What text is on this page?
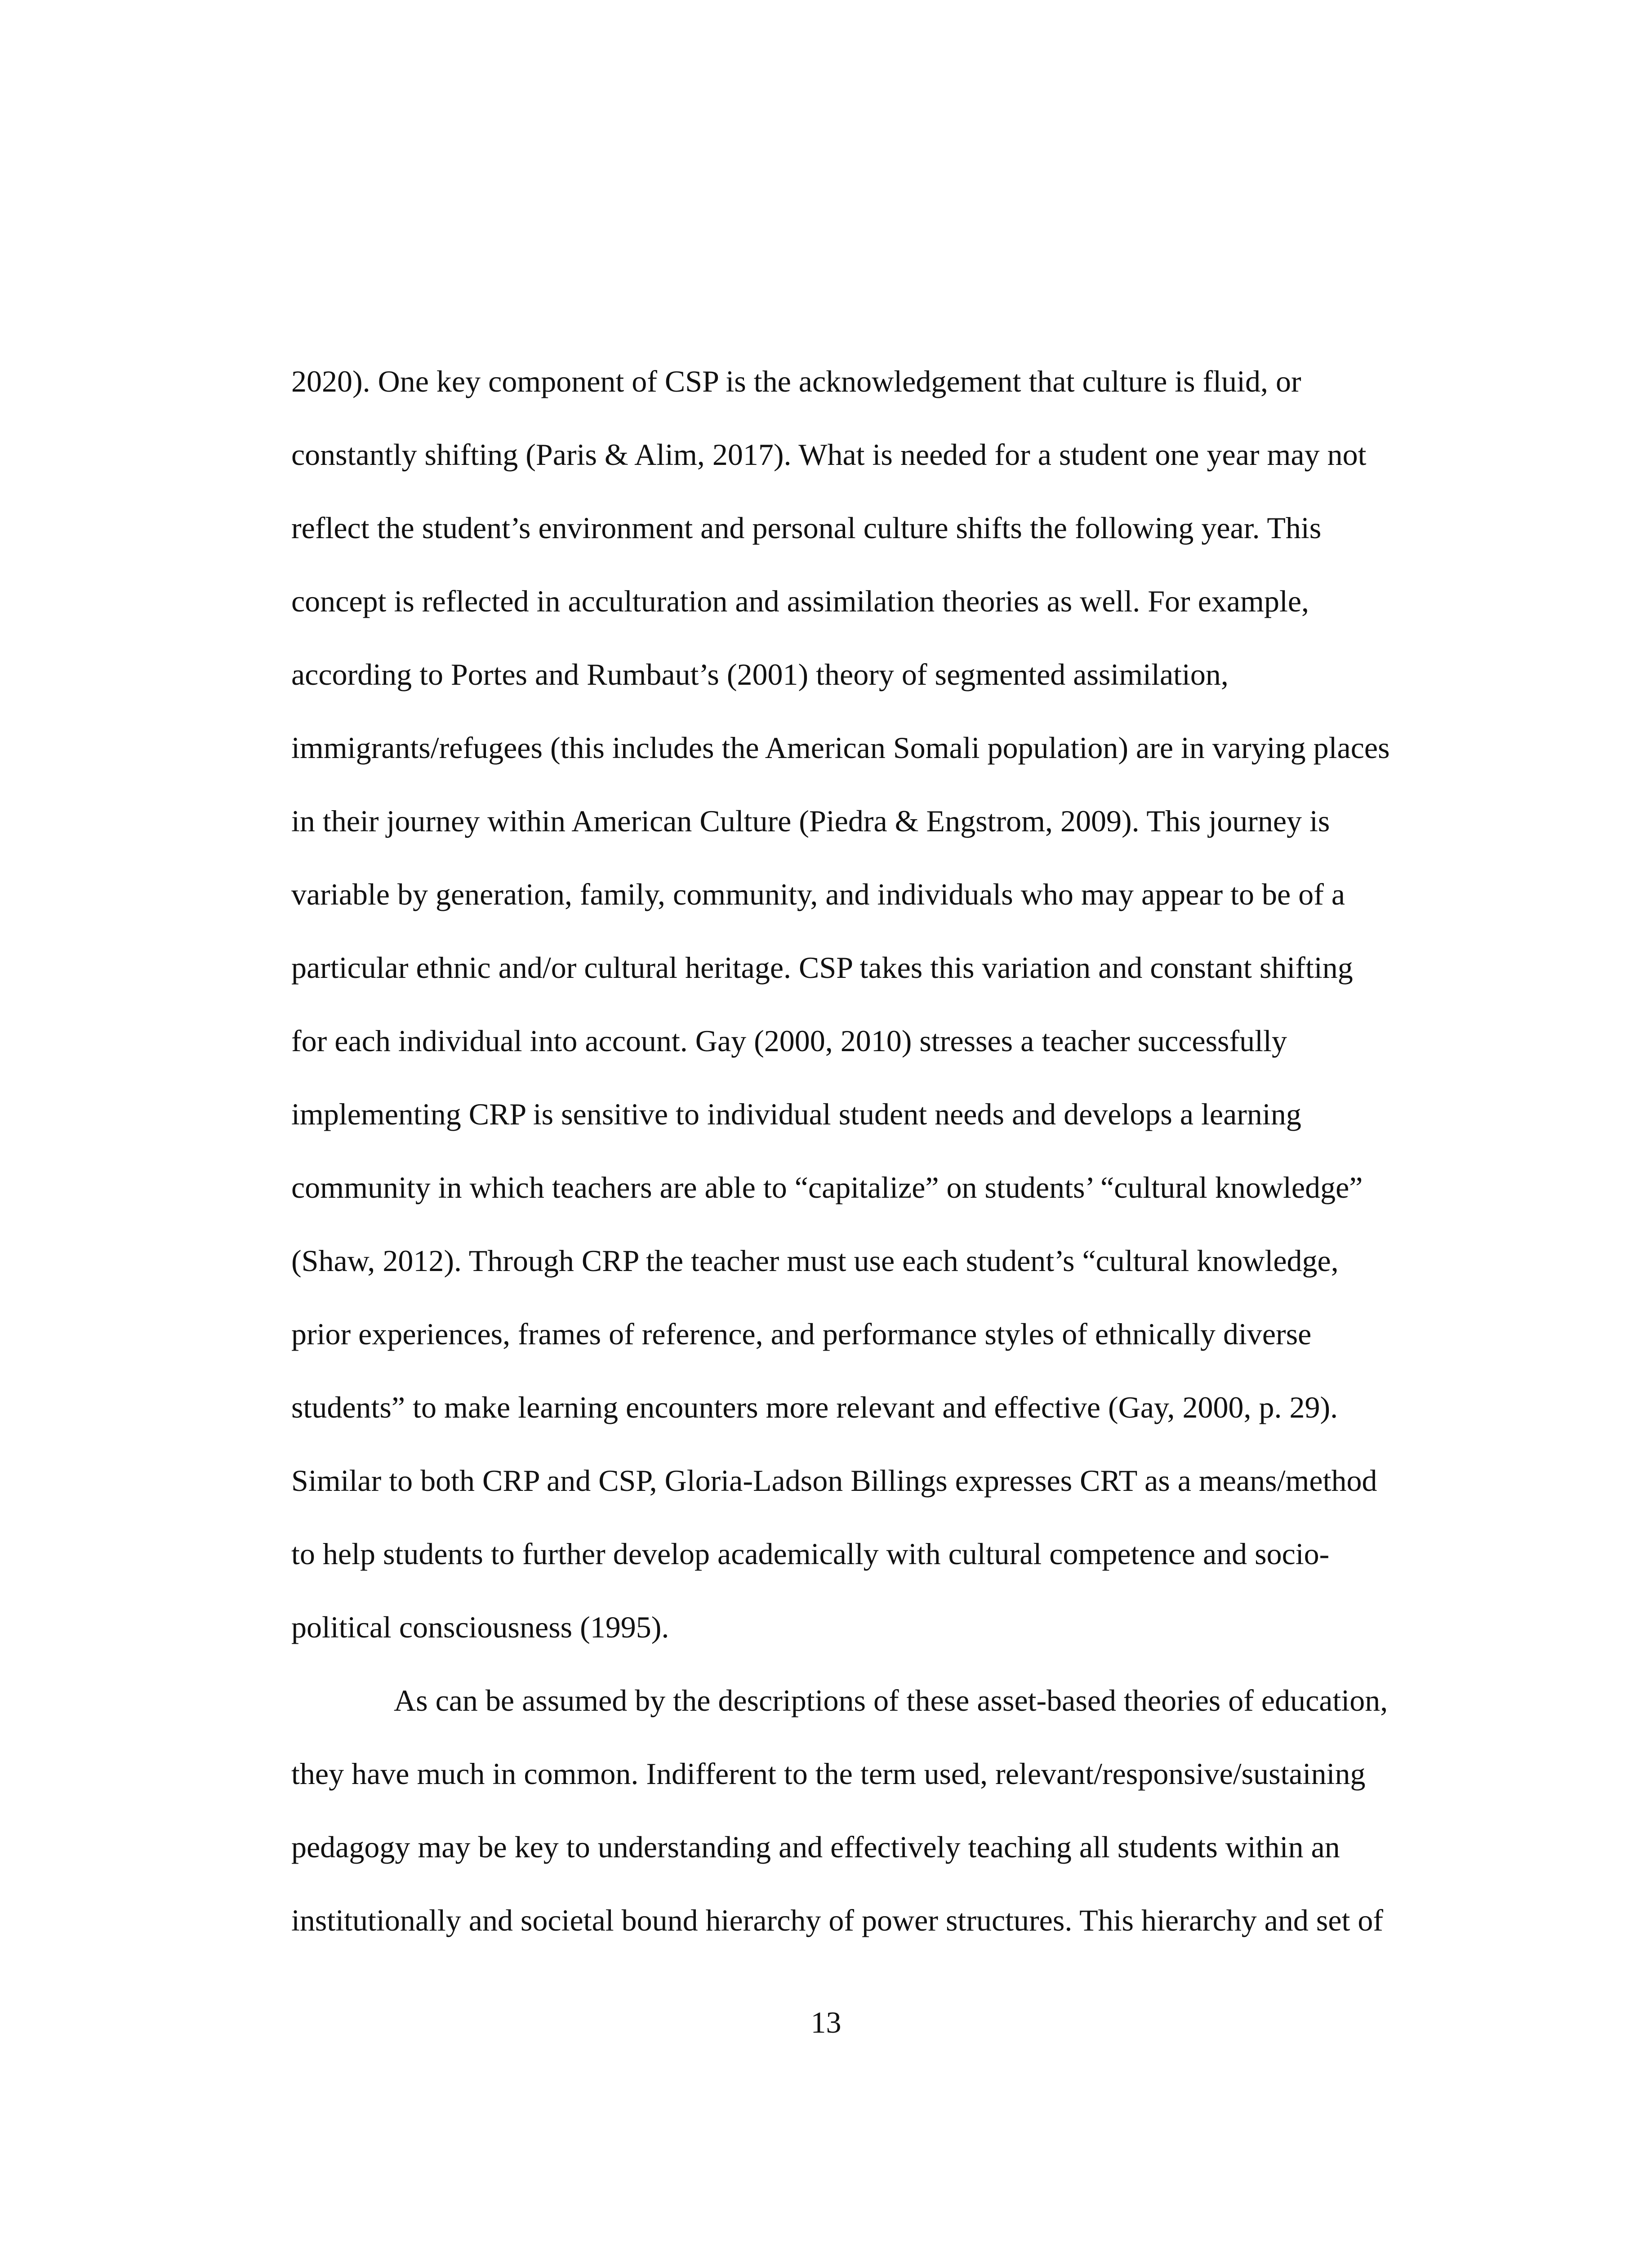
2020). One key component of CSP is the acknowledgement that culture is fluid, or

constantly shifting (Paris & Alim, 2017). What is needed for a student one year may not

reflect the student’s environment and personal culture shifts the following year. This

concept is reflected in acculturation and assimilation theories as well. For example,

according to Portes and Rumbaut’s (2001) theory of segmented assimilation,

immigrants/refugees (this includes the American Somali population) are in varying places

in their journey within American Culture (Piedra & Engstrom, 2009). This journey is

variable by generation, family, community, and individuals who may appear to be of a

particular ethnic and/or cultural heritage. CSP takes this variation and constant shifting

for each individual into account. Gay (2000, 2010) stresses a teacher successfully

implementing CRP is sensitive to individual student needs and develops a learning

community in which teachers are able to “capitalize” on students’ “cultural knowledge”

(Shaw, 2012). Through CRP the teacher must use each student’s “cultural knowledge,

prior experiences, frames of reference, and performance styles of ethnically diverse

students” to make learning encounters more relevant and effective (Gay, 2000, p. 29).

Similar to both CRP and CSP, Gloria-Ladson Billings expresses CRT as a means/method

to help students to further develop academically with cultural competence and socio-

political consciousness (1995).

As can be assumed by the descriptions of these asset-based theories of education,

they have much in common. Indifferent to the term used, relevant/responsive/sustaining

pedagogy may be key to understanding and effectively teaching all students within an

institutionally and societal bound hierarchy of power structures. This hierarchy and set of

13
